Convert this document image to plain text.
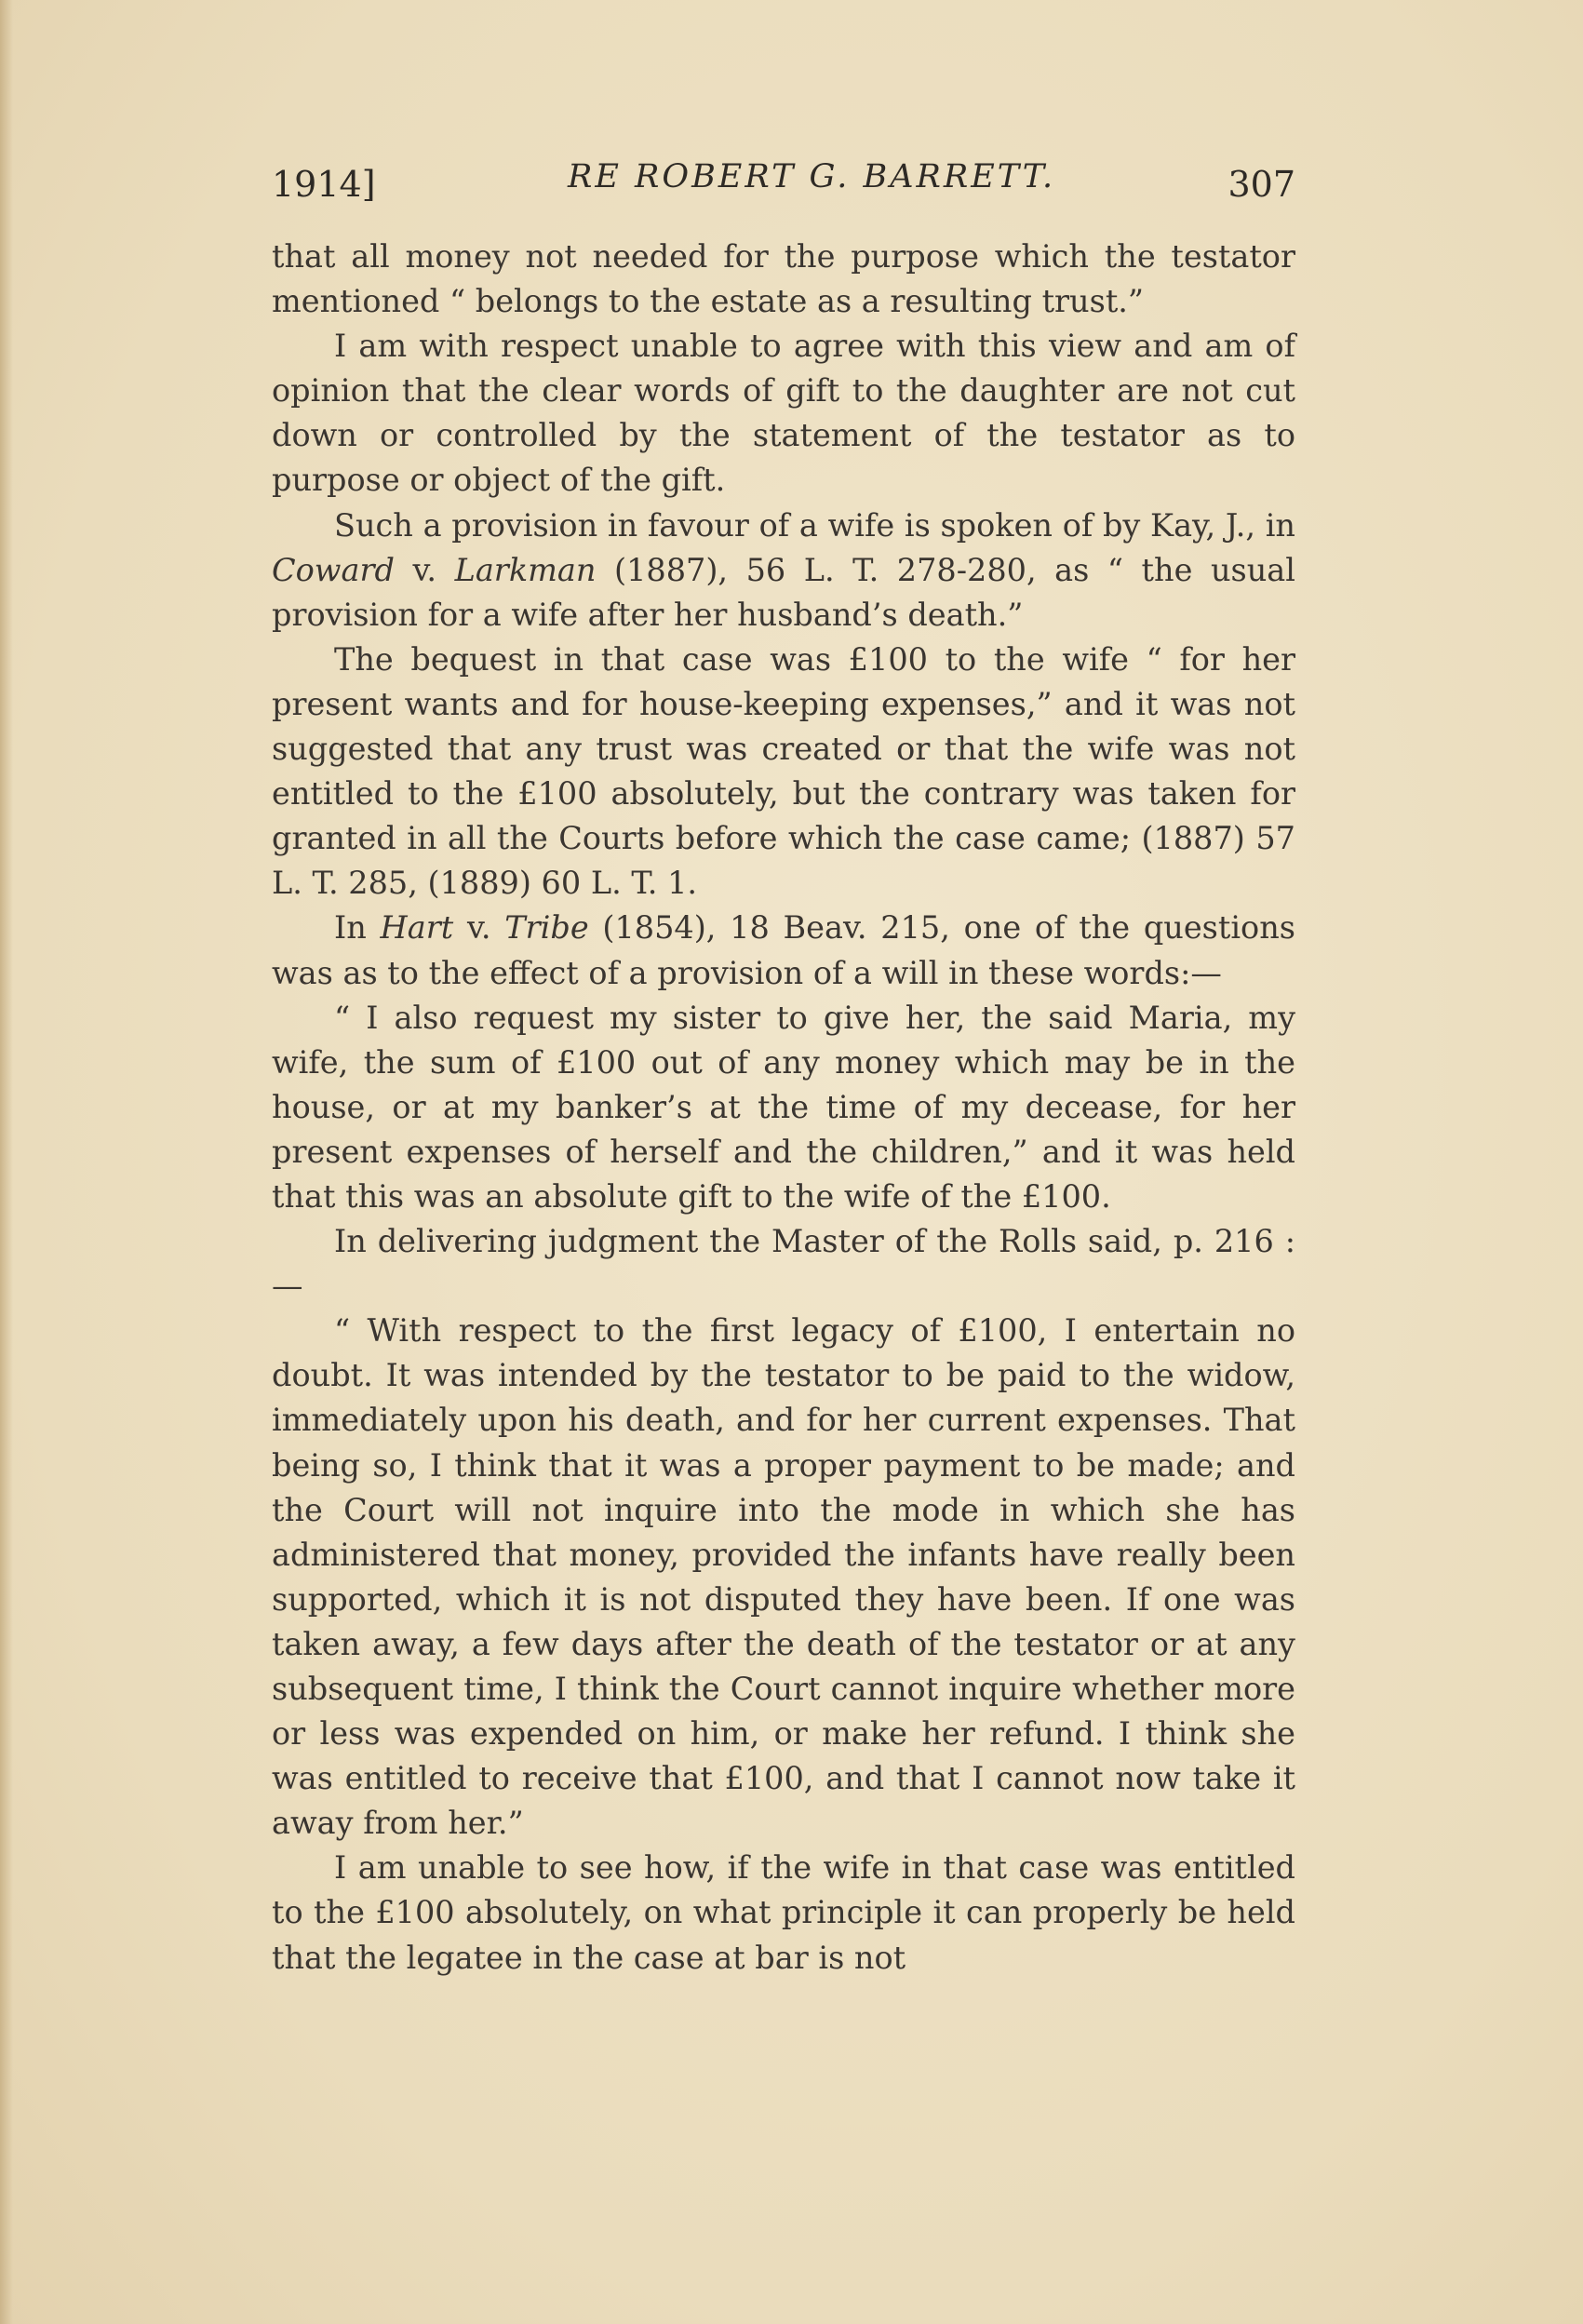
1914]	RE ROBERT G. BARRETT.	307

that all money not needed for the purpose which the testator mentioned “ belongs to the estate as a resulting trust.”

I am with respect unable to agree with this view and am of opinion that the clear words of gift to the daughter are not cut down or controlled by the statement of the testator as to purpose or object of the gift.

Such a provision in favour of a wife is spoken of by Kay, J., in Coward v. Larkman (1887), 56 L. T. 278-280, as “ the usual provision for a wife after her husband’s death.”

The bequest in that case was £100 to the wife “ for her present wants and for house-keeping expenses,” and it was not suggested that any trust was created or that the wife was not entitled to the £100 absolutely, but the contrary was taken for granted in all the Courts before which the case came; (1887) 57 L. T. 285, (1889) 60 L. T. 1.

In Hart v. Tribe (1854), 18 Beav. 215, one of the questions was as to the effect of a provision of a will in these words:—

“ I also request my sister to give her, the said Maria, my wife, the sum of £100 out of any money which may be in the house, or at my banker’s at the time of my decease, for her present expenses of herself and the children,” and it was held that this was an absolute gift to the wife of the £100.

In delivering judgment the Master of the Rolls said, p. 216 :—

“ With respect to the first legacy of £100, I entertain no doubt. It was intended by the testator to be paid to the widow, immediately upon his death, and for her current expenses. That being so, I think that it was a proper payment to be made; and the Court will not inquire into the mode in which she has administered that money, provided the infants have really been supported, which it is not disputed they have been. If one was taken away, a few days after the death of the testator or at any subsequent time, I think the Court cannot inquire whether more or less was expended on him, or make her refund. I think she was entitled to receive that £100, and that I cannot now take it away from her.”

I am unable to see how, if the wife in that case was entitled to the £100 absolutely, on what principle it can properly be held that the legatee in the case at bar is not
